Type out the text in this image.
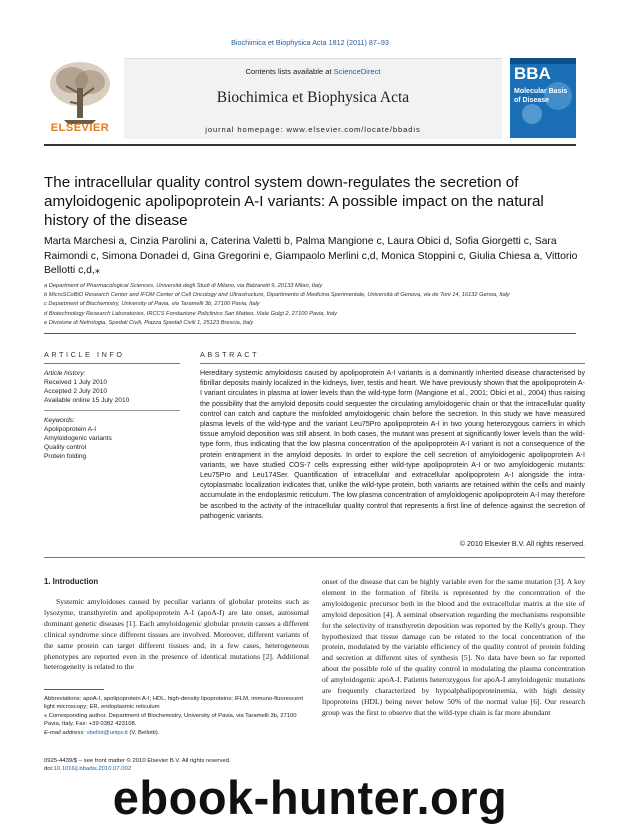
Biochimica et Biophysica Acta 1812 (2011) 87–93
ELSEVIER
Contents lists available at ScienceDirect
Biochimica et Biophysica Acta
journal homepage: www.elsevier.com/locate/bbadis
BBA
Molecular Basis of Disease
The intracellular quality control system down-regulates the secretion of amyloidogenic apolipoprotein A-I variants: A possible impact on the natural history of the disease
Marta Marchesi a, Cinzia Parolini a, Caterina Valetti b, Palma Mangione c, Laura Obici d, Sofia Giorgetti c, Sara Raimondi c, Simona Donadei d, Gina Gregorini e, Giampaolo Merlini c,d, Monica Stoppini c, Giulia Chiesa a, Vittorio Bellotti c,d,⁎
a Department of Pharmacological Sciences, Università degli Studi di Milano, via Balzaretti 9, 20133 Milan, Italy
b MicroSCoBiO Research Center and IFOM Center of Cell Oncology and Ultrastructure, Dipartimento di Medicina Sperimentale, Università di Genova, via de Toni 14, 16132 Genoa, Italy
c Department of Biochemistry, University of Pavia, via Taramelli 3b, 27100 Pavia, Italy
d Biotechnology Research Laboratories, IRCCS Fondazione Policlinico San Matteo, Viale Golgi 2, 27100 Pavia, Italy
e Divisione di Nefrologia, Spedali Civili, Piazza Spedali Civili 1, 25123 Brescia, Italy
ARTICLE INFO
Article history:
Received 1 July 2010
Accepted 2 July 2010
Available online 15 July 2010
Keywords:
Apolipoprotein A-I
Amyloidogenic variants
Quality control
Protein folding
ABSTRACT
Hereditary systemic amyloidosis caused by apolipoprotein A-I variants is a dominantly inherited disease characterised by fibrillar deposits mainly localized in the kidneys, liver, testis and heart. We have previously shown that the apolipoprotein A-I variant circulates in plasma at lower levels than the wild-type form (Mangione et al., 2001; Obici et al., 2004) thus raising the possibility that the amyloid deposits could sequester the circulating amyloidogenic chain or that the intracellular quality control can catch and capture the misfolded amyloidogenic chain before the secretion. In this study we have measured plasma levels of the wild-type and the variant Leu75Pro apolipoprotein A-I in two young heterozygous carriers in which tissue amyloid deposition was still absent. In both cases, the mutant was present at significantly lower levels than the wild-type form, thus indicating that the low plasma concentration of the apolipoprotein A-I variant is not a consequence of the protein entrapment in the amyloid deposits. In order to explore the cell secretion of amyloidogenic apolipoprotein A-I variants, we have studied COS-7 cells expressing either wild-type apolipoprotein A-I or two amyloidogenic mutants: Leu75Pro and Leu174Ser. Quantification of intracellular and extracellular apolipoprotein A-I alongside the intra-cytoplasmatic localization indicates that, unlike the wild-type protein, both variants are retained within the cells and mainly accumulate in the endoplasmic reticulum. The low plasma concentration of amyloidogenic apolipoprotein A-I may therefore be ascribed to the activity of the intracellular quality control that represents a first line of defence against the secretion of pathogenic variants.
© 2010 Elsevier B.V. All rights reserved.
1. Introduction
Systemic amyloidoses caused by peculiar variants of globular proteins such as lysozyme, transthyretin and apolipoprotein A-I (apoA-I) are late onset, autosomal dominant genetic diseases [1]. Each amyloidogenic globular protein causes a different clinical syndrome since different tissues are involved. Moreover, different variants of the same protein can target different tissues and, in a few cases, heterogeneous phenotypes are reported even in the presence of identical mutations [2]. Additional heterogeneity is related to the
onset of the disease that can be highly variable even for the same mutation [3]. A key element in the formation of fibrils is represented by the concentration of the amyloidogenic precursor both in the blood and the extracellular matrix at the site of amyloid deposition [4]. A seminal observation regarding the mechanisms responsible for the selectivity of transthyretin deposition was reported by the Kelly's group. They hypothesized that tissue damage can be related to the local concentration of the protein, modulated by the variable efficiency of the quality control of protein folding and secretion at different sites of synthesis [5]. No data have been so far reported about the possible role of the quality control in modulating the plasma concentration of amyloidogenic apoA-I. Patients heterozygous for apoA-I amyloidogenic mutations are frequently characterized by hypoalphalipoproteinemia, with high density lipoproteins (HDL) being never below 50% of the normal value [6]. Our research group was the first to observe that the wild-type chain is far more abundant
Abbreviations: apoA-I, apolipoprotein A-I; HDL, high-density lipoproteins; IFLM, immuno-fluorescent light microscopy; ER, endoplasmic reticulum
⁎ Corresponding author. Department of Biochemistry, University of Pavia, via Taramelli 3b, 27100 Pavia, Italy. Fax: +39 0382 423108.
E-mail address: vbellot@unipv.it (V. Bellotti).
0925-4439/$ – see front matter © 2010 Elsevier B.V. All rights reserved.
doi:10.1016/j.bbadis.2010.07.002
ebook-hunter.org
